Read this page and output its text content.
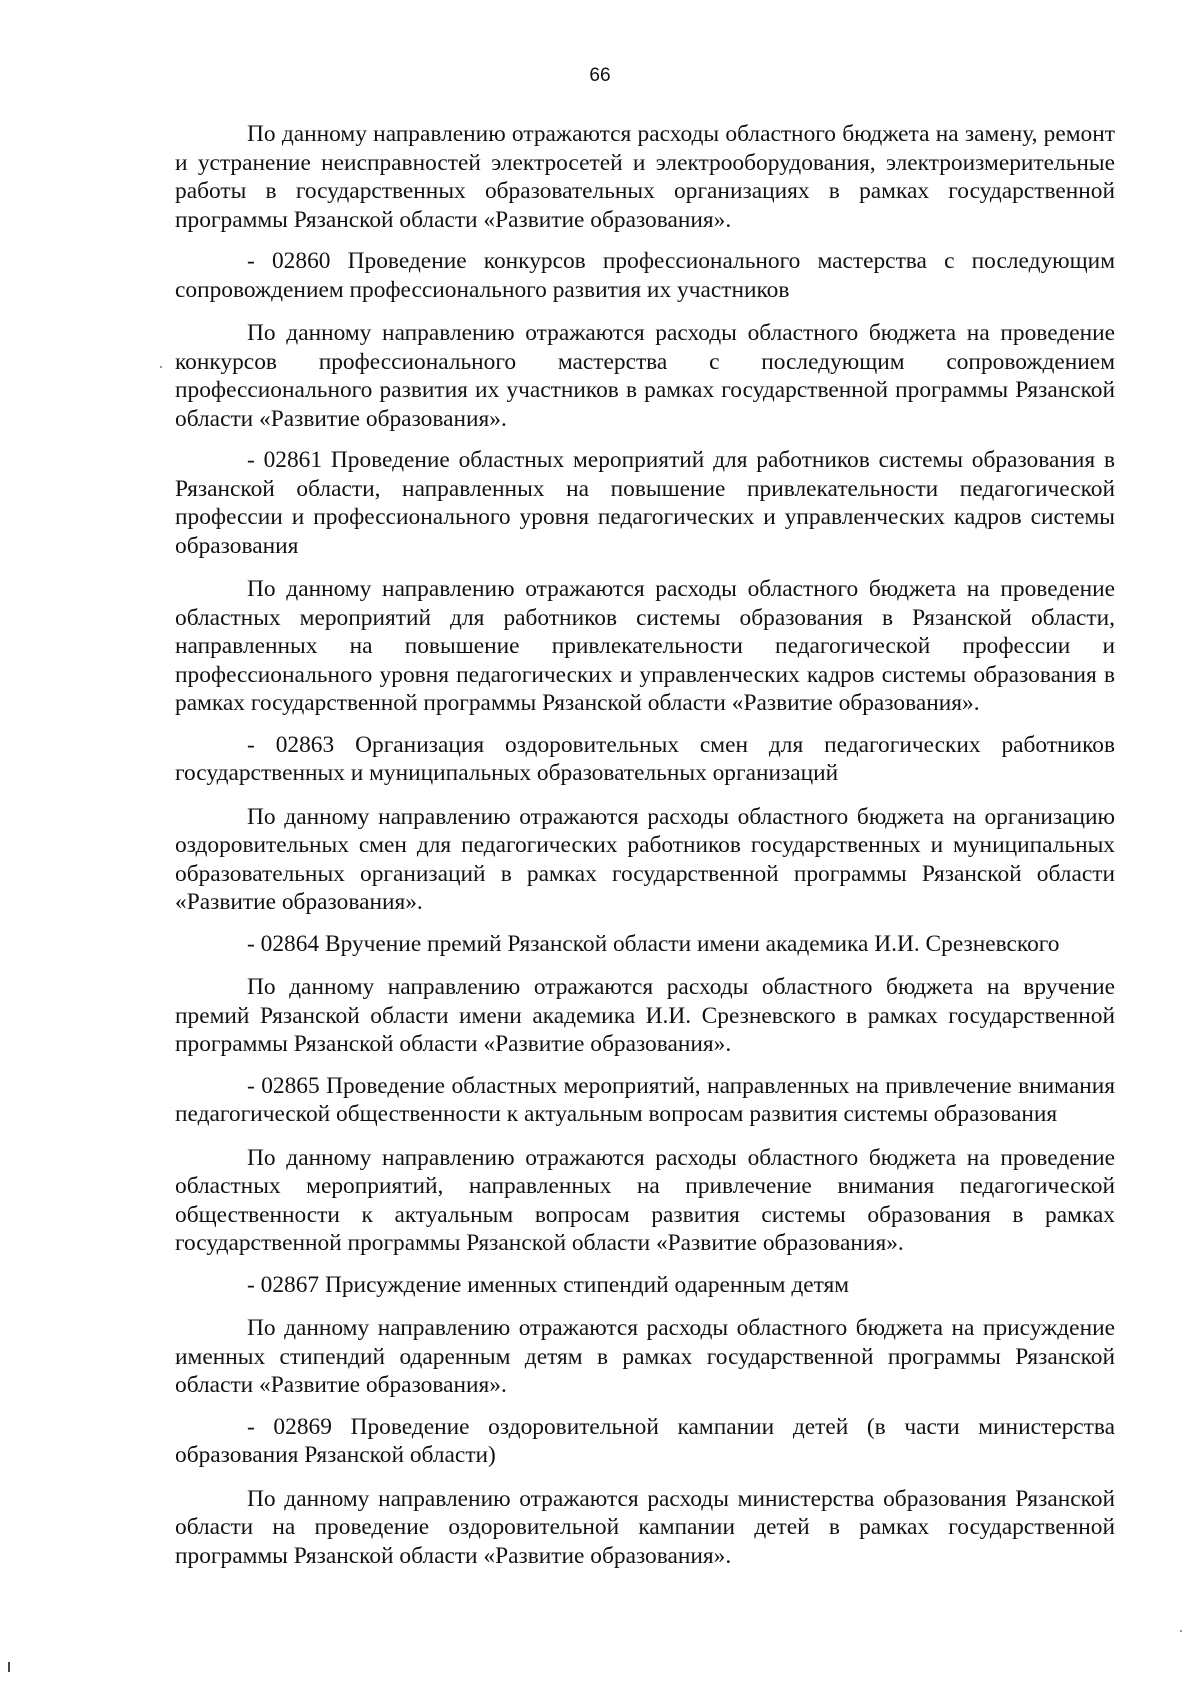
66

По данному направлению отражаются расходы областного бюджета на замену, ремонт и устранение неисправностей электросетей и электрооборудования, электроизмерительные работы в государственных образовательных организациях в рамках государственной программы Рязанской области «Развитие образования».

- 02860 Проведение конкурсов профессионального мастерства с последующим сопровождением профессионального развития их участников

По данному направлению отражаются расходы областного бюджета на проведение конкурсов профессионального мастерства с последующим сопровождением профессионального развития их участников в рамках государственной программы Рязанской области «Развитие образования».

- 02861 Проведение областных мероприятий для работников системы образования в Рязанской области, направленных на повышение привлекательности педагогической профессии и профессионального уровня педагогических и управленческих кадров системы образования

По данному направлению отражаются расходы областного бюджета на проведение областных мероприятий для работников системы образования в Рязанской области, направленных на повышение привлекательности педагогической профессии и профессионального уровня педагогических и управленческих кадров системы образования в рамках государственной программы Рязанской области «Развитие образования».

- 02863 Организация оздоровительных смен для педагогических работников государственных и муниципальных образовательных организаций

По данному направлению отражаются расходы областного бюджета на организацию оздоровительных смен для педагогических работников государственных и муниципальных образовательных организаций в рамках государственной программы Рязанской области «Развитие образования».

- 02864 Вручение премий Рязанской области имени академика И.И. Срезневского

По данному направлению отражаются расходы областного бюджета на вручение премий Рязанской области имени академика И.И. Срезневского в рамках государственной программы Рязанской области «Развитие образования».

- 02865 Проведение областных мероприятий, направленных на привлечение внимания педагогической общественности к актуальным вопросам развития системы образования

По данному направлению отражаются расходы областного бюджета на проведение областных мероприятий, направленных на привлечение внимания педагогической общественности к актуальным вопросам развития системы образования в рамках государственной программы Рязанской области «Развитие образования».

- 02867 Присуждение именных стипендий одаренным детям

По данному направлению отражаются расходы областного бюджета на присуждение именных стипендий одаренным детям в рамках государственной программы Рязанской области «Развитие образования».

- 02869 Проведение оздоровительной кампании детей (в части министерства образования Рязанской области)

По данному направлению отражаются расходы министерства образования Рязанской области на проведение оздоровительной кампании детей в рамках государственной программы Рязанской области «Развитие образования».
